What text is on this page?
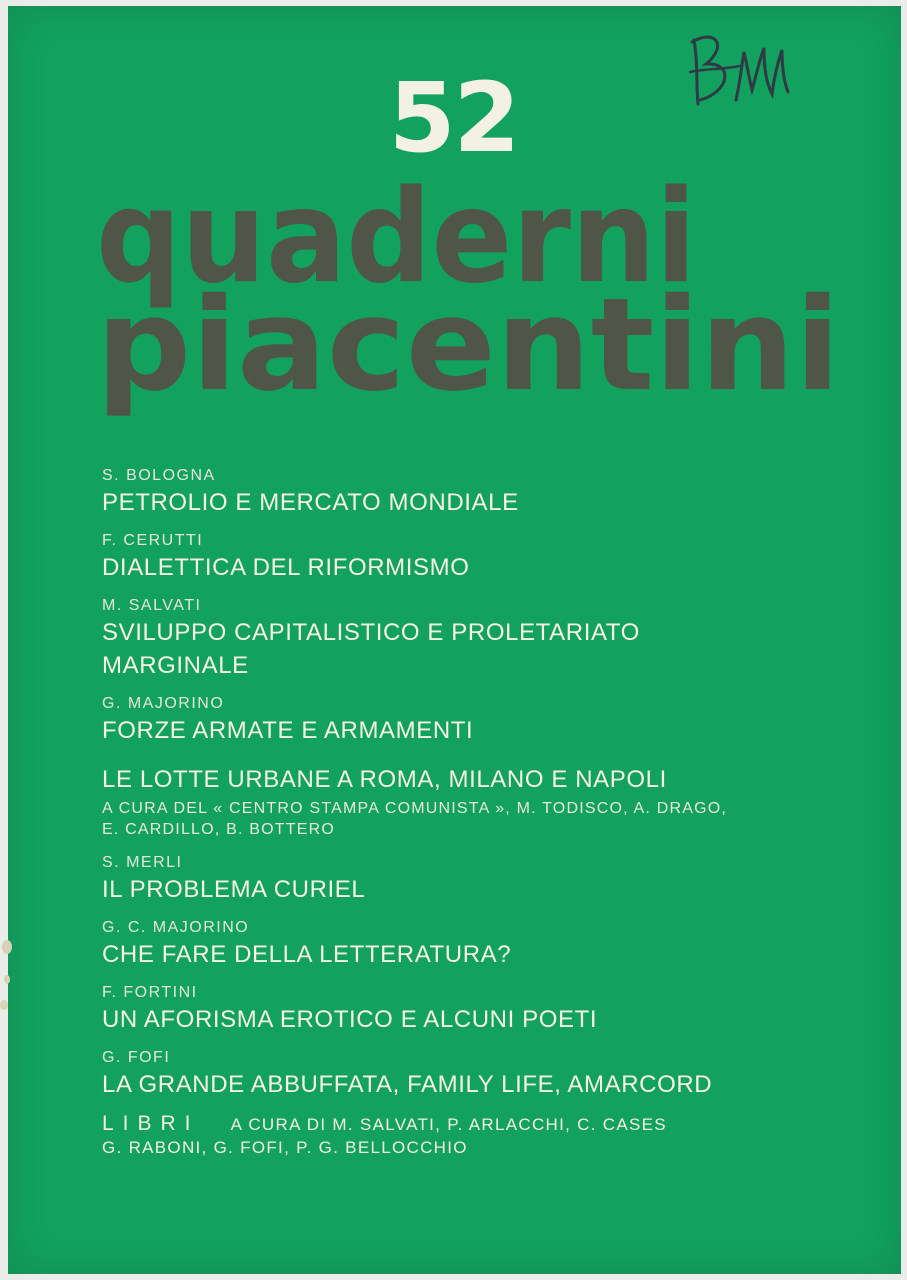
52
quaderni
piacentini

S. BOLOGNA

PETROLIO E MERCATO MONDIALE

F. CERUTTI

DIALETTICA DEL RIFORMISMO

M. SALVATI

SVILUPPO CAPITALISTICO E PROLETARIATO MARGINALE

G. MAJORINO

FORZE ARMATE E ARMAMENTI

LE LOTTE URBANE A ROMA, MILANO E NAPOLI

A CURA DEL « CENTRO STAMPA COMUNISTA », M. TODISCO, A. DRAGO,

E. CARDILLO, B. BOTTERO

S. MERLI

IL PROBLEMA CURIEL

G. C. MAJORINO

CHE FARE DELLA LETTERATURA?

F. FORTINI

UN AFORISMA EROTICO E ALCUNI POETI

G. FOFI

LA GRANDE ABBUFFATA, FAMILY LIFE, AMARCORD

LIBRI A CURA DI M. SALVATI, P. ARLACCHI, C. CASES

G. RABONI, G. FOFI, P. G. BELLOCCHIO
